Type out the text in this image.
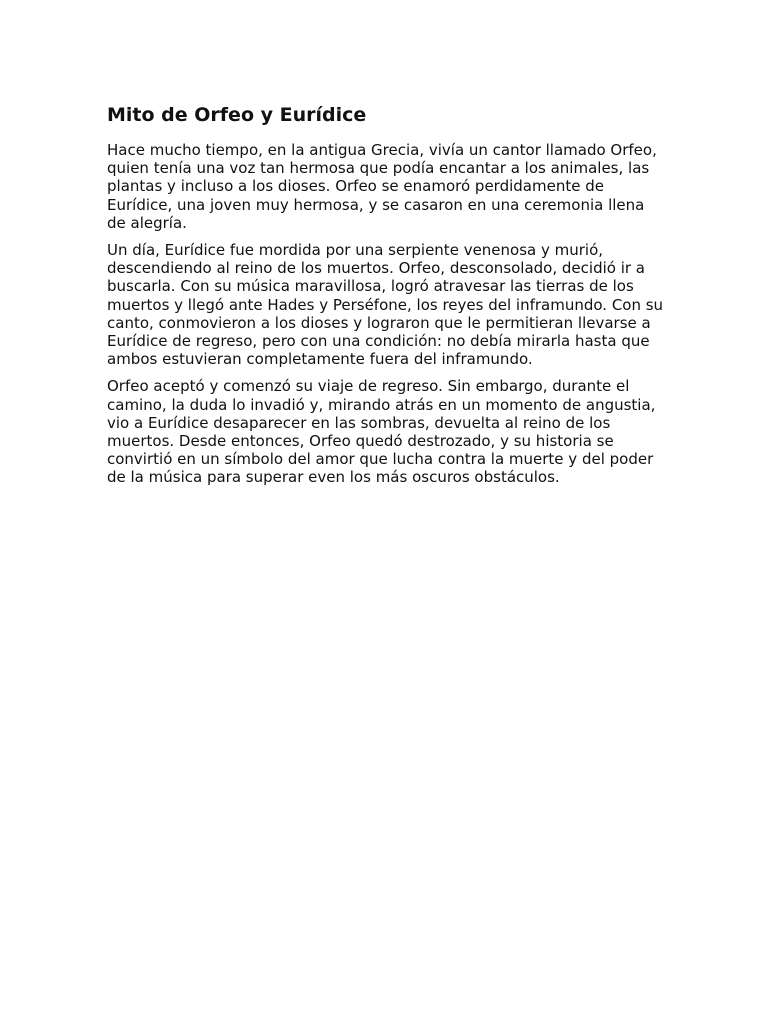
Mito de Orfeo y Eurídice

Hace mucho tiempo, en la antigua Grecia, vivía un cantor llamado Orfeo, quien tenía una voz tan hermosa que podía encantar a los animales, las plantas y incluso a los dioses. Orfeo se enamoró perdidamente de Eurídice, una joven muy hermosa, y se casaron en una ceremonia llena de alegría.

Un día, Eurídice fue mordida por una serpiente venenosa y murió, descendiendo al reino de los muertos. Orfeo, desconsolado, decidió ir a buscarla. Con su música maravillosa, logró atravesar las tierras de los muertos y llegó ante Hades y Perséfone, los reyes del inframundo. Con su canto, conmovieron a los dioses y lograron que le permitieran llevarse a Eurídice de regreso, pero con una condición: no debía mirarla hasta que ambos estuvieran completamente fuera del inframundo.

Orfeo aceptó y comenzó su viaje de regreso. Sin embargo, durante el camino, la duda lo invadió y, mirando atrás en un momento de angustia, vio a Eurídice desaparecer en las sombras, devuelta al reino de los muertos. Desde entonces, Orfeo quedó destrozado, y su historia se convirtió en un símbolo del amor que lucha contra la muerte y del poder de la música para superar even los más oscuros obstáculos.
